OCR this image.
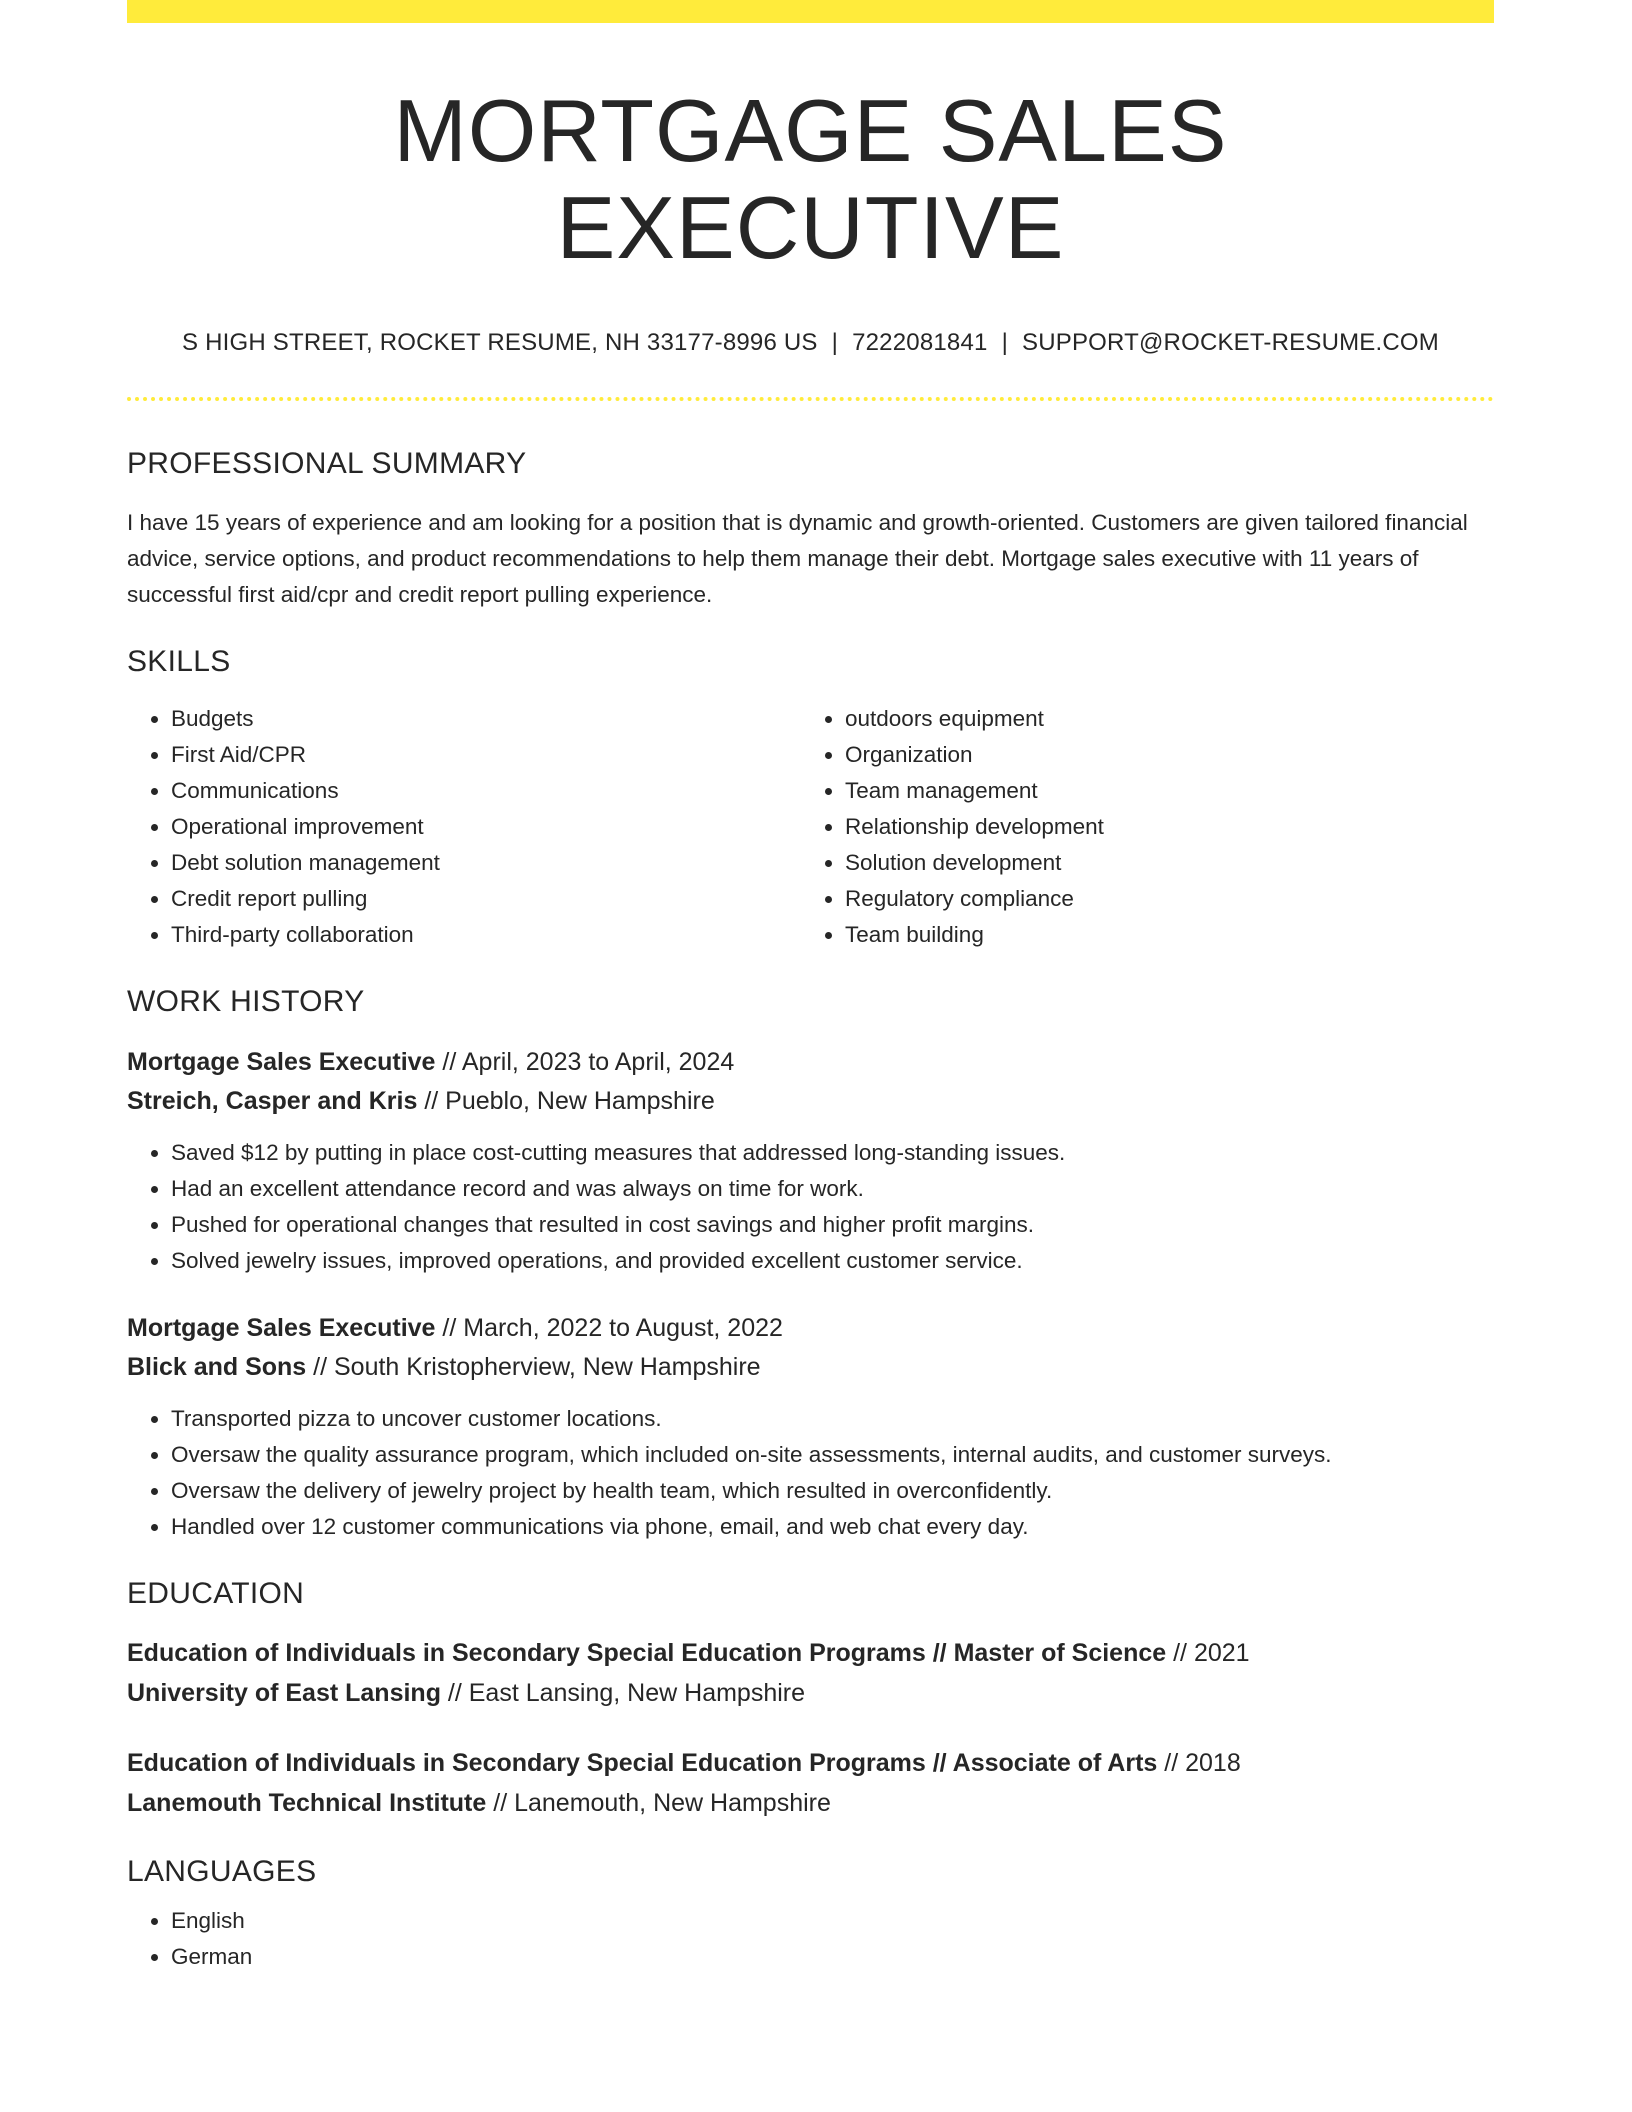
MORTGAGE SALES EXECUTIVE
S HIGH STREET, ROCKET RESUME, NH 33177-8996 US | 7222081841 | SUPPORT@ROCKET-RESUME.COM
PROFESSIONAL SUMMARY
I have 15 years of experience and am looking for a position that is dynamic and growth-oriented. Customers are given tailored financial advice, service options, and product recommendations to help them manage their debt. Mortgage sales executive with 11 years of successful first aid/cpr and credit report pulling experience.
SKILLS
• Budgets
• First Aid/CPR
• Communications
• Operational improvement
• Debt solution management
• Credit report pulling
• Third-party collaboration
• outdoors equipment
• Organization
• Team management
• Relationship development
• Solution development
• Regulatory compliance
• Team building
WORK HISTORY
Mortgage Sales Executive // April, 2023 to April, 2024
Streich, Casper and Kris // Pueblo, New Hampshire
• Saved $12 by putting in place cost-cutting measures that addressed long-standing issues.
• Had an excellent attendance record and was always on time for work.
• Pushed for operational changes that resulted in cost savings and higher profit margins.
• Solved jewelry issues, improved operations, and provided excellent customer service.
Mortgage Sales Executive // March, 2022 to August, 2022
Blick and Sons // South Kristopherview, New Hampshire
• Transported pizza to uncover customer locations.
• Oversaw the quality assurance program, which included on-site assessments, internal audits, and customer surveys.
• Oversaw the delivery of jewelry project by health team, which resulted in overconfidently.
• Handled over 12 customer communications via phone, email, and web chat every day.
EDUCATION
Education of Individuals in Secondary Special Education Programs // Master of Science // 2021
University of East Lansing // East Lansing, New Hampshire
Education of Individuals in Secondary Special Education Programs // Associate of Arts // 2018
Lanemouth Technical Institute // Lanemouth, New Hampshire
LANGUAGES
• English
• German
